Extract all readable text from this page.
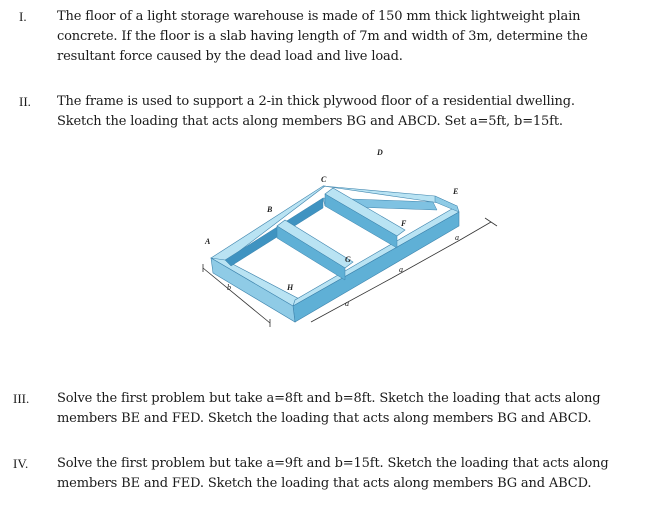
I. The floor of a light storage warehouse is made of 150 mm thick lightweight plain
concrete. If the floor is a slab having length of 7m and width of 3m, determine the
resultant force caused by the dead load and live load.
II. The frame is used to support a 2-in thick plywood floor of a residential dwelling.
Sketch the loading that acts along members BG and ABCD. Set a=5ft, b=15ft.
A
B
C
D
E
F
G
H
b
a
a
a
III. Solve the first problem but take a=8ft and b=8ft. Sketch the loading that acts along
members BE and FED. Sketch the loading that acts along members BG and ABCD.
IV. Solve the first problem but take a=9ft and b=15ft. Sketch the loading that acts along
members BE and FED. Sketch the loading that acts along members BG and ABCD.
